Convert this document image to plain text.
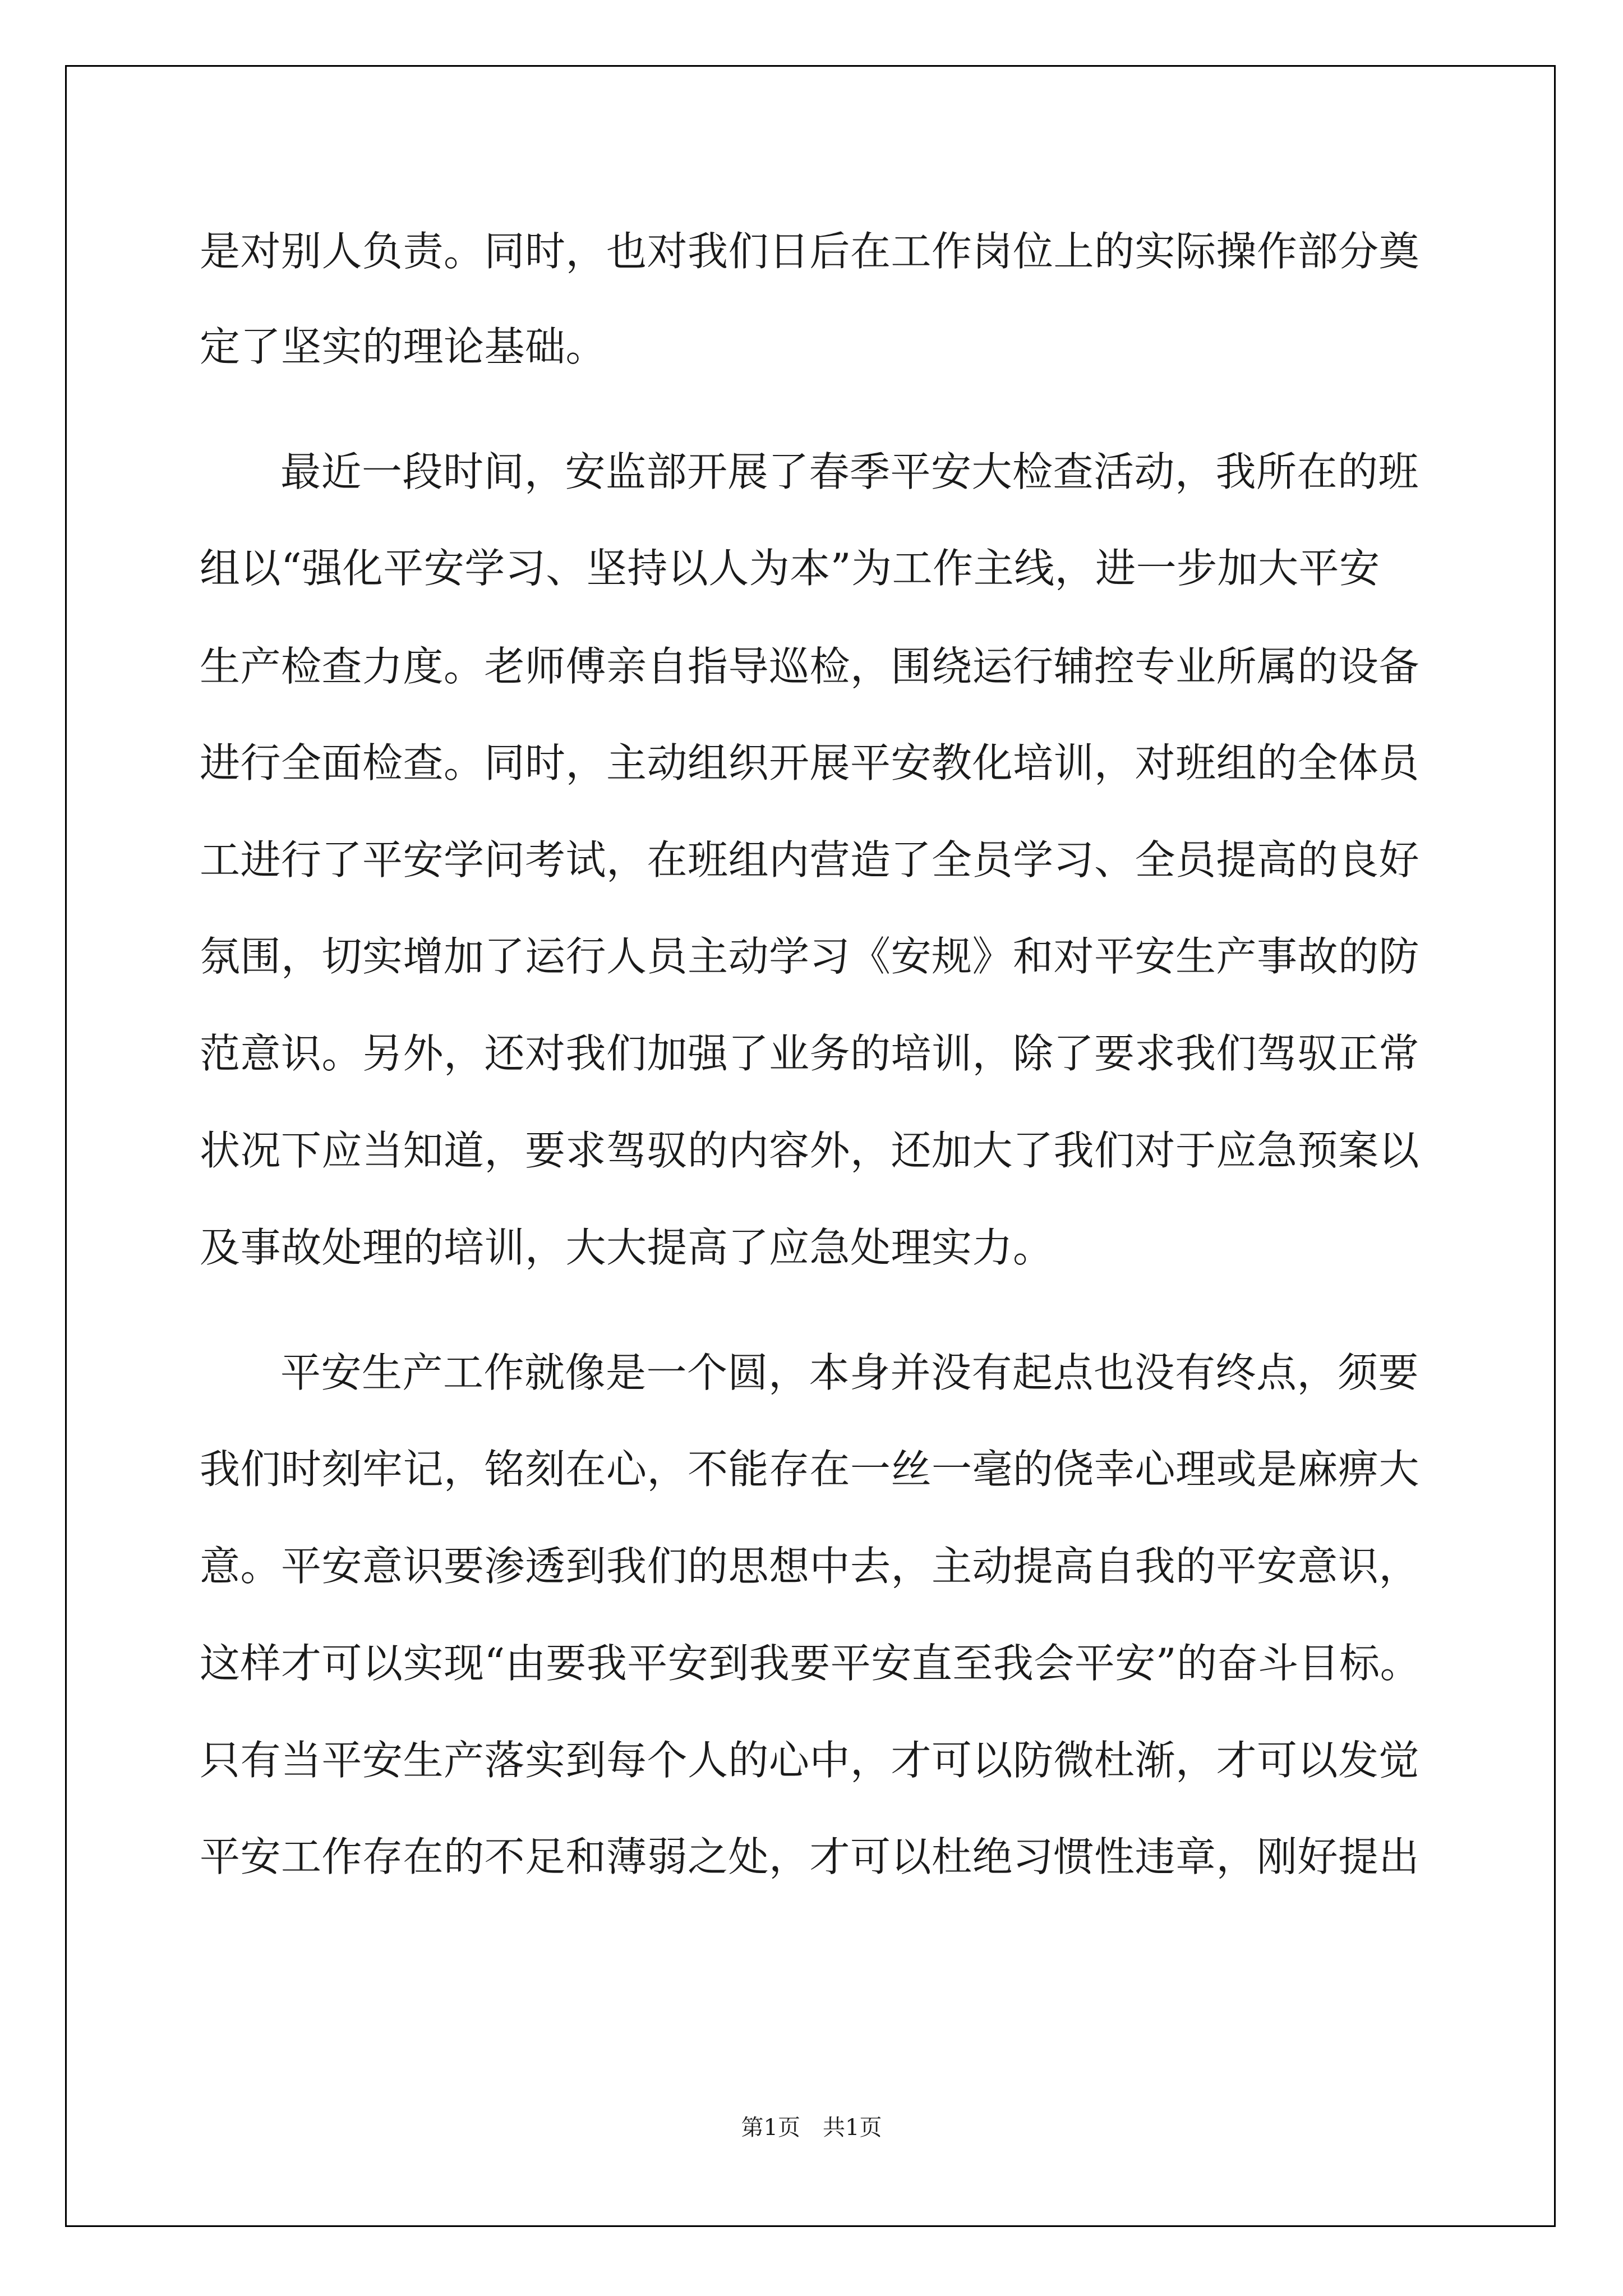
是对别人负责。同时，也对我们日后在工作岗位上的实际操作部分奠
定了坚实的理论基础。
最近一段时间，安监部开展了春季平安大检查活动，我所在的班
组以“强化平安学习、坚持以人为本”为工作主线，进一步加大平安
生产检查力度。老师傅亲自指导巡检，围绕运行辅控专业所属的设备
进行全面检查。同时，主动组织开展平安教化培训，对班组的全体员
工进行了平安学问考试，在班组内营造了全员学习、全员提高的良好
氛围，切实增加了运行人员主动学习《安规》和对平安生产事故的防
范意识。另外，还对我们加强了业务的培训，除了要求我们驾驭正常
状况下应当知道，要求驾驭的内容外，还加大了我们对于应急预案以
及事故处理的培训，大大提高了应急处理实力。
平安生产工作就像是一个圆，本身并没有起点也没有终点，须要
我们时刻牢记，铭刻在心，不能存在一丝一毫的侥幸心理或是麻痹大
意。平安意识要渗透到我们的思想中去，主动提高自我的平安意识，
这样才可以实现“由要我平安到我要平安直至我会平安”的奋斗目标。
只有当平安生产落实到每个人的心中，才可以防微杜渐，才可以发觉
平安工作存在的不足和薄弱之处，才可以杜绝习惯性违章，刚好提出
第1页　共1页
